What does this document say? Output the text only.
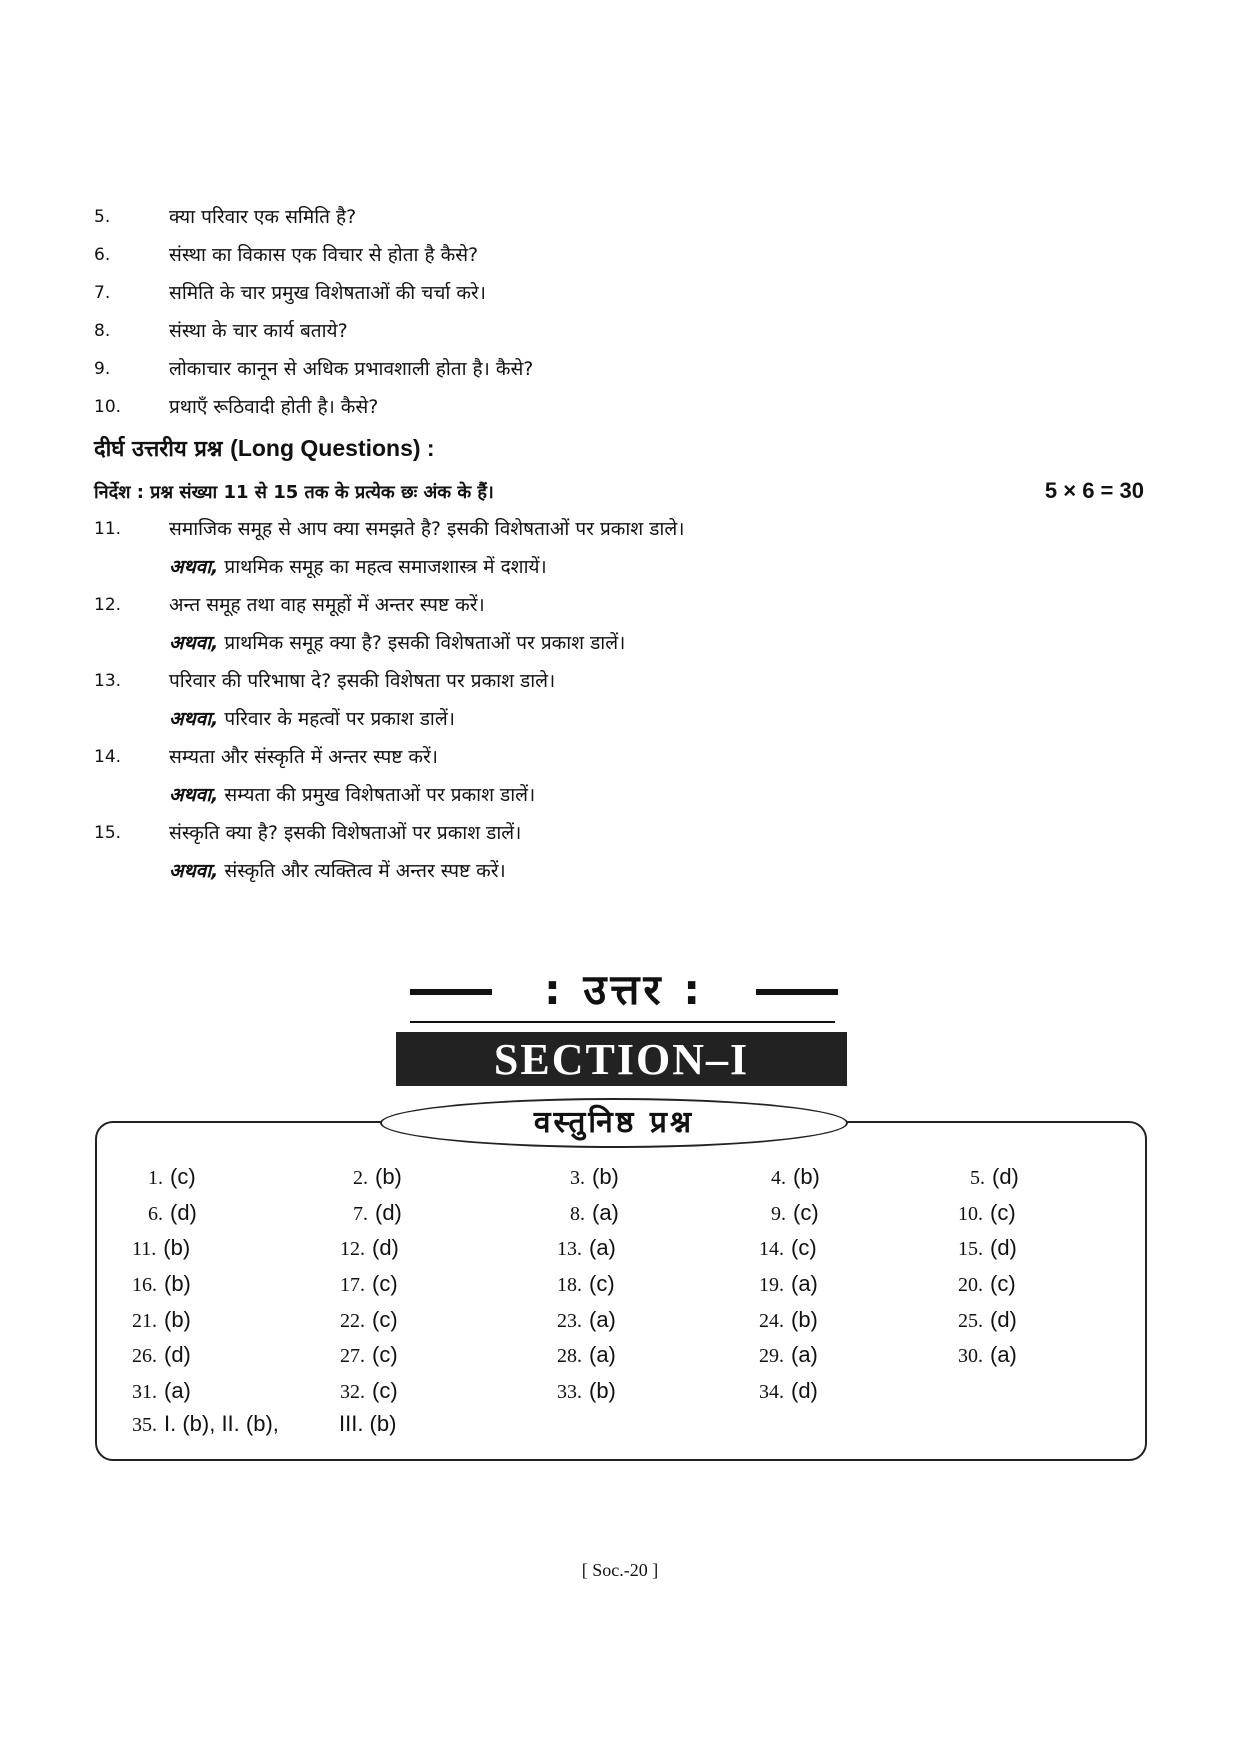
5.	क्या परिवार एक समिति है?
6.	संस्था का विकास एक विचार से होता है कैसे?
7.	समिति के चार प्रमुख विशेषताओं की चर्चा करे।
8.	संस्था के चार कार्य बताये?
9.	लोकाचार कानून से अधिक प्रभावशाली होता है। कैसे?
10.	प्रथाएँ रूठिवादी होती है। कैसे?
दीर्घ उत्तरीय प्रश्न (Long Questions) :
निर्देश : प्रश्न संख्या 11 से 15 तक के प्रत्येक छः अंक के हैं।	5 × 6 = 30
11.	समाजिक समूह से आप क्या समझते है? इसकी विशेषताओं पर प्रकाश डाले।
अथवा, प्राथमिक समूह का महत्व समाजशास्त्र में दशायें।
12.	अन्त समूह तथा वाह समूहों में अन्तर स्पष्ट करें।
अथवा, प्राथमिक समूह क्या है? इसकी विशेषताओं पर प्रकाश डालें।
13.	परिवार की परिभाषा दे? इसकी विशेषता पर प्रकाश डाले।
अथवा, परिवार के महत्वों पर प्रकाश डालें।
14.	सम्यता और संस्कृति में अन्तर स्पष्ट करें।
अथवा, सम्यता की प्रमुख विशेषताओं पर प्रकाश डालें।
15.	संस्कृति क्या है? इसकी विशेषताओं पर प्रकाश डालें।
अथवा, संस्कृति और त्यक्तित्व में अन्तर स्पष्ट करें।
: उत्तर :
SECTION–I
वस्तुनिष्ठ प्रश्न
1. (c)	2. (b)	3. (b)	4. (b)	5. (d)
6. (d)	7. (d)	8. (a)	9. (c)	10. (c)
11. (b)	12. (d)	13. (a)	14. (c)	15. (d)
16. (b)	17. (c)	18. (c)	19. (a)	20. (c)
21. (b)	22. (c)	23. (a)	24. (b)	25. (d)
26. (d)	27. (c)	28. (a)	29. (a)	30. (a)
31. (a)	32. (c)	33. (b)	34. (d)
35. I. (b), II. (b),	III. (b)
[ Soc.-20 ]
